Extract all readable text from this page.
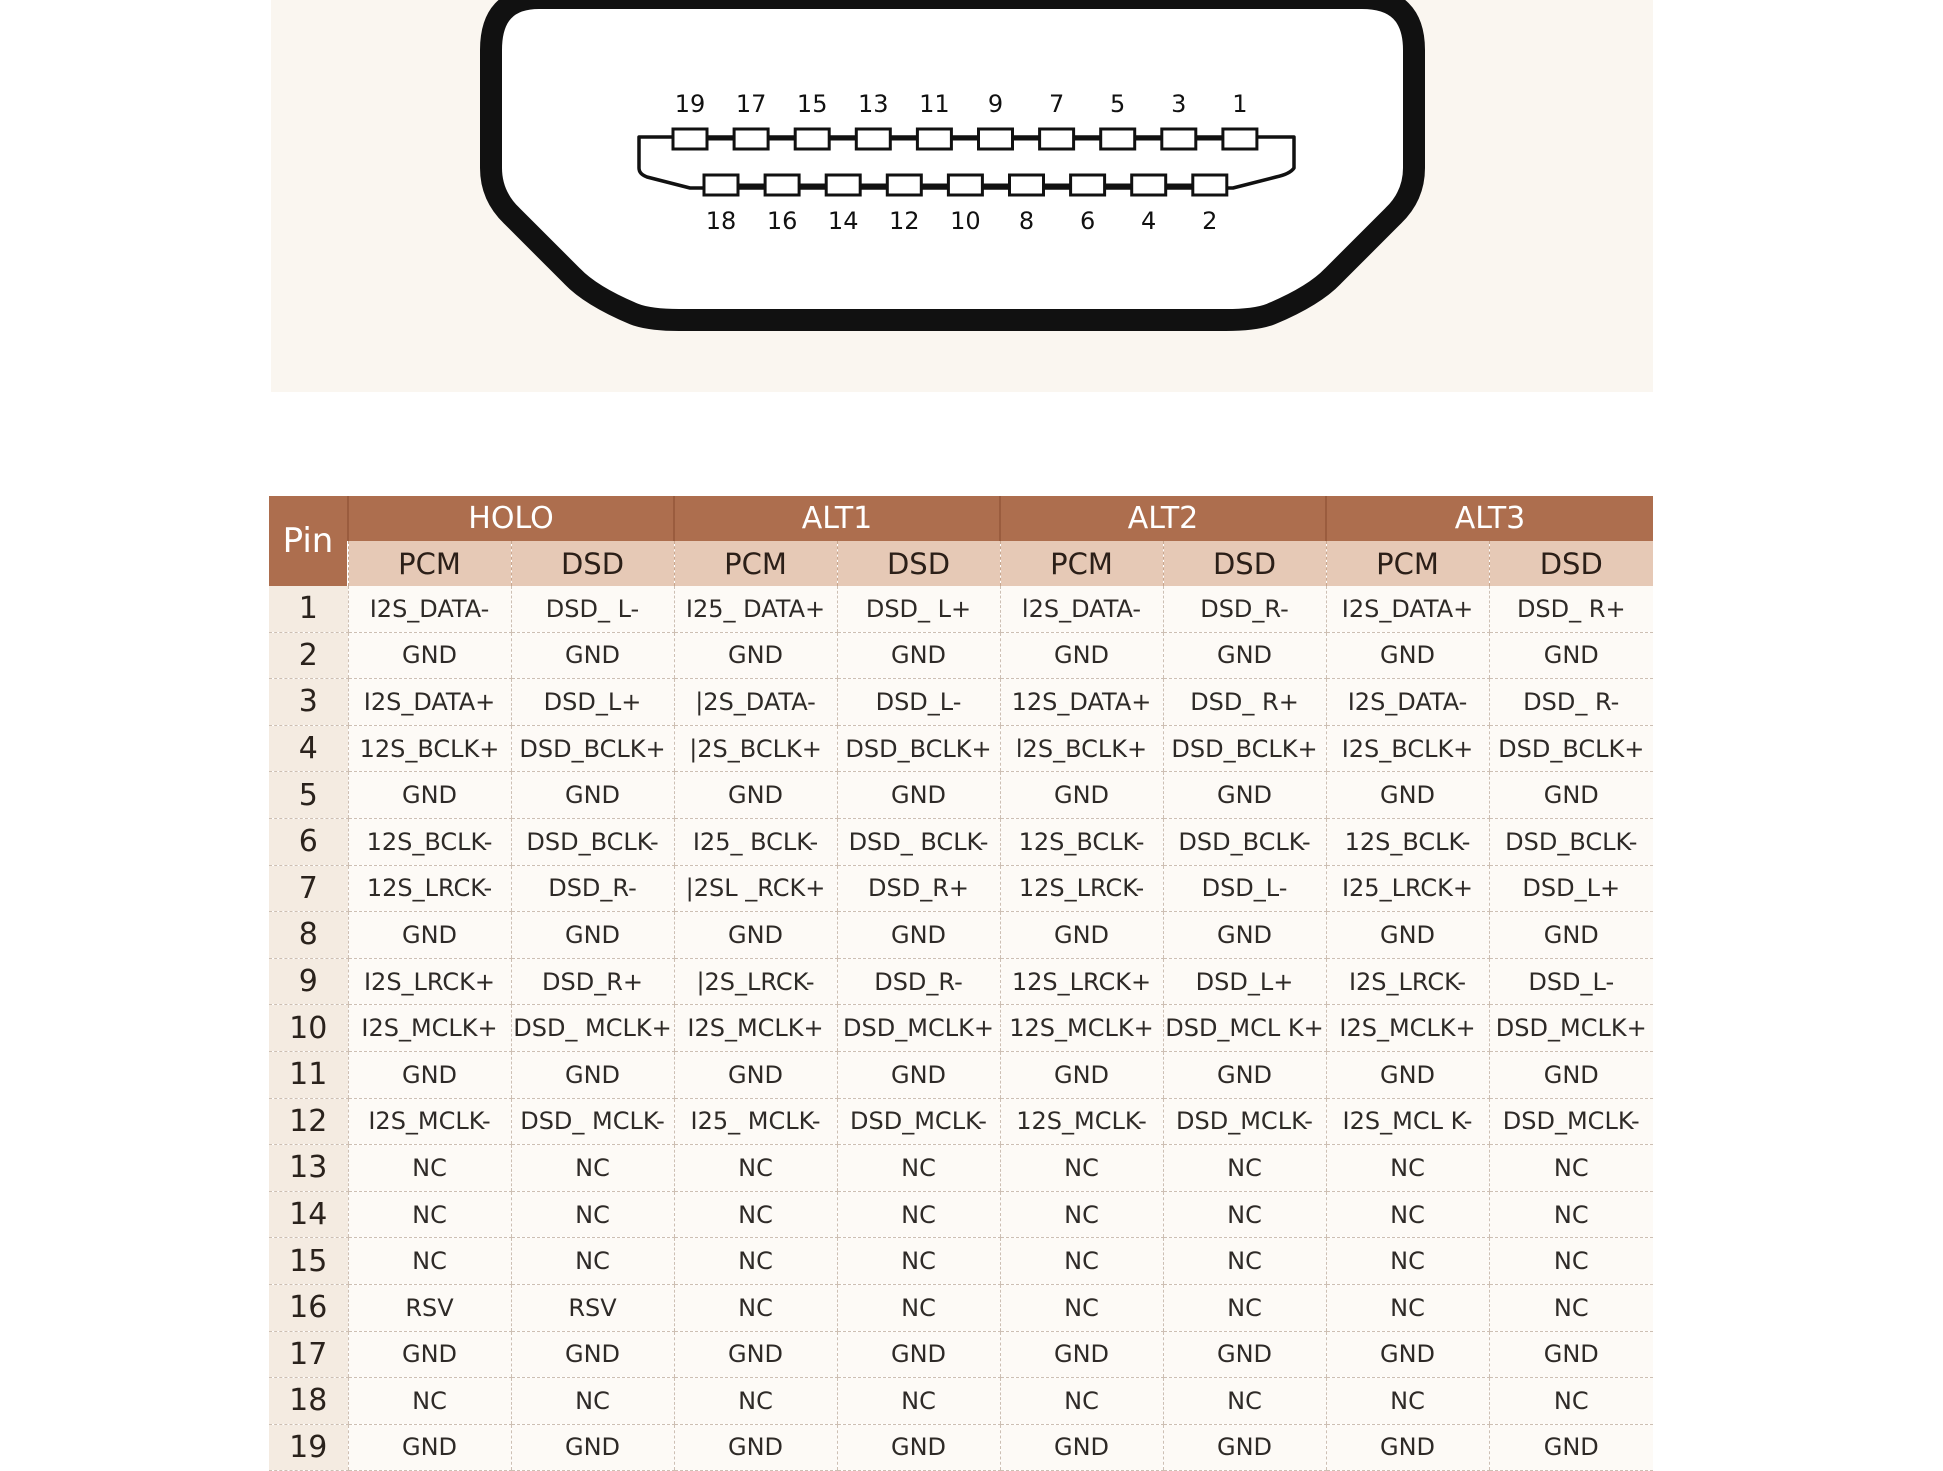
19 17 15 13 11 9 7 5 3 1
18 16 14 12 10 8 6 4 2
Pin	HOLO		ALT1		ALT2		ALT3	
	PCM	DSD	PCM	DSD	PCM	DSD	PCM	DSD
1	I2S_DATA-	DSD_ L-	I25_ DATA+	DSD_ L+	l2S_DATA-	DSD_R-	I2S_DATA+	DSD_ R+
2	GND	GND	GND	GND	GND	GND	GND	GND
3	I2S_DATA+	DSD_L+	|2S_DATA-	DSD_L-	12S_DATA+	DSD_ R+	I2S_DATA-	DSD_ R-
4	12S_BCLK+	DSD_BCLK+	|2S_BCLK+	DSD_BCLK+	l2S_BCLK+	DSD_BCLK+	I2S_BCLK+	DSD_BCLK+
5	GND	GND	GND	GND	GND	GND	GND	GND
6	12S_BCLK-	DSD_BCLK-	I25_ BCLK-	DSD_ BCLK-	12S_BCLK-	DSD_BCLK-	12S_BCLK-	DSD_BCLK-
7	12S_LRCK-	DSD_R-	|2SL _RCK+	DSD_R+	12S_LRCK-	DSD_L-	I25_LRCK+	DSD_L+
8	GND	GND	GND	GND	GND	GND	GND	GND
9	I2S_LRCK+	DSD_R+	|2S_LRCK-	DSD_R-	12S_LRCK+	DSD_L+	I2S_LRCK-	DSD_L-
10	I2S_MCLK+	DSD_ MCLK+	I2S_MCLK+	DSD_MCLK+	12S_MCLK+	DSD_MCL K+	I2S_MCLK+	DSD_MCLK+
11	GND	GND	GND	GND	GND	GND	GND	GND
12	I2S_MCLK-	DSD_ MCLK-	I25_ MCLK-	DSD_MCLK-	12S_MCLK-	DSD_MCLK-	I2S_MCL K-	DSD_MCLK-
13	NC	NC	NC	NC	NC	NC	NC	NC
14	NC	NC	NC	NC	NC	NC	NC	NC
15	NC	NC	NC	NC	NC	NC	NC	NC
16	RSV	RSV	NC	NC	NC	NC	NC	NC
17	GND	GND	GND	GND	GND	GND	GND	GND
18	NC	NC	NC	NC	NC	NC	NC	NC
19	GND	GND	GND	GND	GND	GND	GND	GND
